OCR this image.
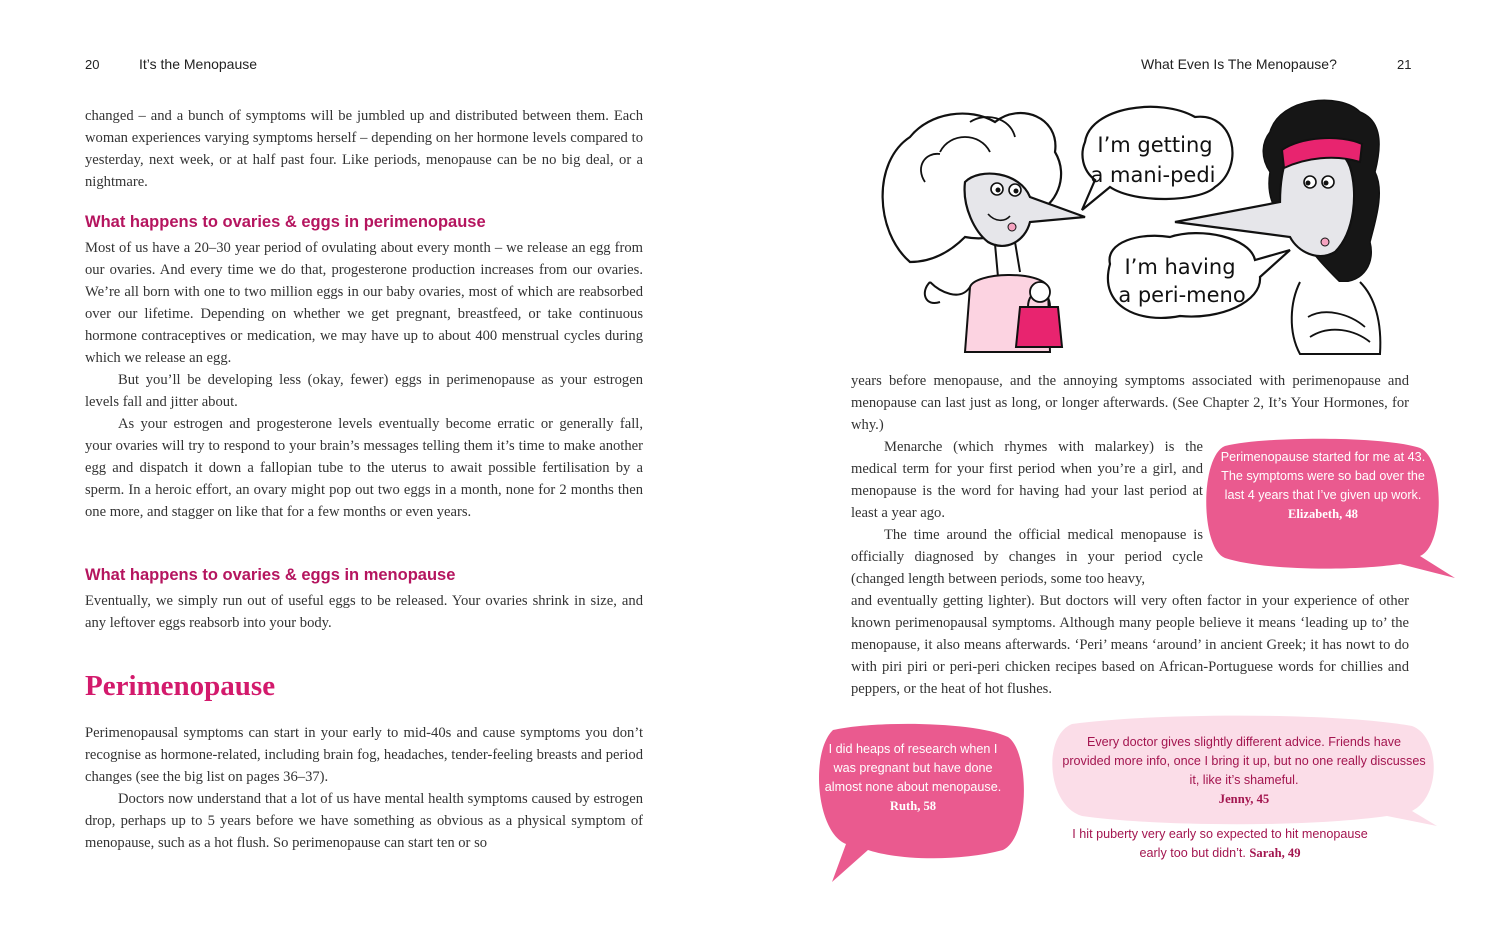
20	It’s the Menopause

changed – and a bunch of symptoms will be jumbled up and distributed between them. Each woman experiences varying symptoms herself – depending on her hormone levels compared to yesterday, next week, or at half past four. Like periods, menopause can be no big deal, or a nightmare.

What happens to ovaries & eggs in perimenopause

Most of us have a 20–30 year period of ovulating about every month – we release an egg from our ovaries. And every time we do that, progesterone production increases from our ovaries. We’re all born with one to two million eggs in our baby ovaries, most of which are reabsorbed over our lifetime. Depending on whether we get pregnant, breastfeed, or take continuous hormone contraceptives or medication, we may have up to about 400 menstrual cycles during which we release an egg.

But you’ll be developing less (okay, fewer) eggs in perimenopause as your estrogen levels fall and jitter about.

As your estrogen and progesterone levels eventually become erratic or generally fall, your ovaries will try to respond to your brain’s messages telling them it’s time to make another egg and dispatch it down a fallopian tube to the uterus to await possible fertilisation by a sperm. In a heroic effort, an ovary might pop out two eggs in a month, none for 2 months then one more, and stagger on like that for a few months or even years.

What happens to ovaries & eggs in menopause

Eventually, we simply run out of useful eggs to be released. Your ovaries shrink in size, and any leftover eggs reabsorb into your body.

Perimenopause

Perimenopausal symptoms can start in your early to mid-40s and cause symptoms you don’t recognise as hormone-related, including brain fog, headaches, tender-feeling breasts and period changes (see the big list on pages 36–37).

Doctors now understand that a lot of us have mental health symptoms caused by estrogen drop, perhaps up to 5 years before we have something as obvious as a physical symptom of menopause, such as a hot flush. So perimenopause can start ten or so

What Even Is The Menopause?	21
I’m getting
a mani-pedi
I’m having
a peri-meno

years before menopause, and the annoying symptoms associated with perimenopause and menopause can last just as long, or longer afterwards. (See Chapter 2, It’s Your Hormones, for why.)

Menarche (which rhymes with malarkey) is the medical term for your first period when you’re a girl, and menopause is the word for having had your last period at least a year ago.

The time around the official medical menopause is officially diagnosed by changes in your period cycle (changed length between periods, some too heavy,

and eventually getting lighter). But doctors will very often factor in your experience of other known perimenopausal symptoms. Although many people believe it means ‘leading up to’ the menopause, it also means afterwards. ‘Peri’ means ‘around’ in ancient Greek; it has nowt to do with piri piri or peri-peri chicken recipes based on African-Portuguese words for chillies and peppers, or the heat of hot flushes.

Perimenopause started for me at 43. The symptoms were so bad over the last 4 years that I’ve given up work.
Elizabeth, 48
I did heaps of research when I was pregnant but have done almost none about menopause.
Ruth, 58
Every doctor gives slightly different advice. Friends have provided more info, once I bring it up, but no one really discusses it, like it’s shameful.
Jenny, 45
I hit puberty very early so expected to hit menopause early too but didn’t. Sarah, 49
